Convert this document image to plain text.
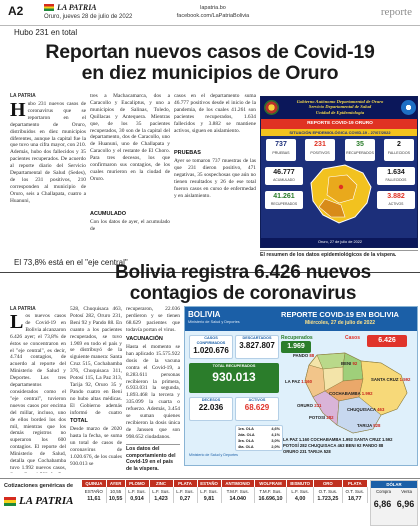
A2	LA PATRIA
Oruro, jueves 28 de julio de 2022
lapatria.bo
facebook.com/LaPatriaBolivia	reporte
Hubo 231 en total
Reportan nuevos casos de Covid-19
en diez municipios de Oruro
LA PATRIA
Hubo 231 nuevos casos de coronavirus que se reportaron en el departamento de Oruro, distribuidos en diez municipios diferentes, aunque la capital fue la que tuvo una cifra mayor, con 210. Además, hubo dos fallecidos y 35 pacientes recuperados. De acuerdo al reporte diario del Servicio Departamental de Salud (Sedes), de los 231 positivos, 210 corresponden al municipio de Oruro, seis a Challapata, cuatro a Huanuni,
tres a Machacamarca, dos a Caracollo y Eucaliptus, y uno a municipios de Salinas, Toledo, Quillacas y Antequera. Mientras que, de los 35 pacientes recuperados, 30 son de la capital del departamento, dos de Caracollo, uno de Huanuni, uno de Challapata y Caracollo y el restante de El Choro. Para tres decesos, los que confirmaron sus contagios, de los cuales murieron en la ciudad de Oruro.
ACUMULADO
Con los datos de ayer, el acumulado de
casos en el departamento suma 46.777 positivos desde el inicio de la pandemia, de los cuales 41.261 son pacientes recuperados, 1.634 fallecidos y 3.882 se mantiene activos, siguen en aislamiento.
PRUEBAS
Ayer se tomaron 737 muestras de las que 231 dieron positivo, 471 negativas, 35 sospechosas que aún no tienen resultados y 26 de ese total fueron casos en curso de enfermedad y en aislamiento.
Gobierno Autónomo Departamental de Oruro
Servicio Departamental de Salud
Unidad de Epidemiología
REPORTE COVID-19 ORURO
SITUACIÓN EPIDEMIOLÓGICA COVID-19 - 27/07/2022
737
PRUEBAS
231
POSITIVOS
35
RECUPERADOS
2
FALLECIDOS
46.777
ACUMULADO
41.261
RECUPERADOS
1.634
FALLECIDOS
3.882
ACTIVOS
Oruro, 27 de julio de 2022
El resumen de los datos epidemiológicos de la víspera.
El 73,8% está en el "eje central"
Bolivia registra 6.426 nuevos
contagios de coronavirus
LA PATRIA
Los nuevos casos de Covid-19 en Bolivia alcanzaron 6.426 ayer; el 73,8% de éstos se concentraron en el "eje central", es decir, 4.744 contagios, de acuerdo al reporte del Ministerio de Salud y Deportes. Los tres departamentos considerados como el "eje central", tuvieron nuevos casos por encima del millar, incluso, uno de ellos bordeó los dos mil, mientras que los demás registros no superaron los 600 contagios. El reporte del Ministerio de Salud, detalla que Cochabamba tuvo 1.992 nuevos casos,
528, Chuquisaca 463, Potosí 282, Oruro 231, Beni 92 y Pando 88. En cuanto a los pacientes recuperados, se tuvo 1.969 en todo el país y se distribuyó de la siguiente manera: Santa Cruz 515, Cochabamba 376, Chuquisaca 311, Potosí 115, La Paz 313, Tarija 92, Oruro 35 y Pando cuatro en Beni no hubo altas médicas. El Gobierno además informó de cuatro
TOTAL
Desde marzo de 2020 hasta la fecha, se suma un total de casos de coronavirus de 1.020.676, de los cuales 930.013 se
recuperaron, 22.036 perdieron y se tienen 68.629 pacientes que todavía portan el virus.
VACUNACIÓN
Hasta el momento se han aplicado 15.575.922 dosis de la vacuna contra el Covid-19, a 8.283.611 personas recibieron la primera, 6.933.031 la segunda, 1.893.468 la tercera y 335.099 la cuarta o refuerzo. Además, 3.454 se suman quienes recibieron la dosis única de Janssen que son 998.652 ciudadanos.
Los datos del comportamiento del Covid-19 en el país de la víspera.
BOLIVIA
Ministerio de Salud y Deportes
REPORTE COVID-19 EN BOLIVIA
Miércoles, 27 de julio de 2022
CASOS CONFIRMADOS
1.020.676
DESCARTADOS
3.827.807
TOTAL RECUPERADOS
930.013
DECESOS
22.036
ACTIVOS
68.629
Recuperados
1.969
Casos	6.426
PANDO 88
BENI 92
LA PAZ 1.160
COCHABAMBA 1.992
SANTA CRUZ 1.592
ORURO 231
POTOSÍ 282
CHUQUISACA 463
TARIJA 528
1ra. OLA	4,6%
2da. OLA	4,1%
3ra. OLA	3,0%
4ta. OLA	2,0%
LA PAZ 1.160 COCHABAMBA 1.992 SANTA CRUZ 1.592
POTOSÍ 282 CHUQUISACA 463 BENI 92 PANDO 88
ORURO 231 TARIJA 528
Ministerio de Salud y Deportes
Cotizaciones genéricas de
LA PATRIA
QUINUA	AYER	PLOMO	ZINC	PLATA	ESTAÑO	ANTIMONIO	WOLFRAM	BISMUTO	ORO	PLATA
ESTAÑO	10,55	L.F. Sus.	L.F. Sus.	L.F. Sus.	L.F. Sus.	T.M.F. Sus.	T.M.F. Sus.	L.F. Sus.	O.T. Sus.	O.T. Sus.
11,61	10,55	0,914	1,423	0,27	9,81	14.040	16.696,10	4,00	1.723,25	18,77
DÓLAR
Compra Venta
6,86 6,96
